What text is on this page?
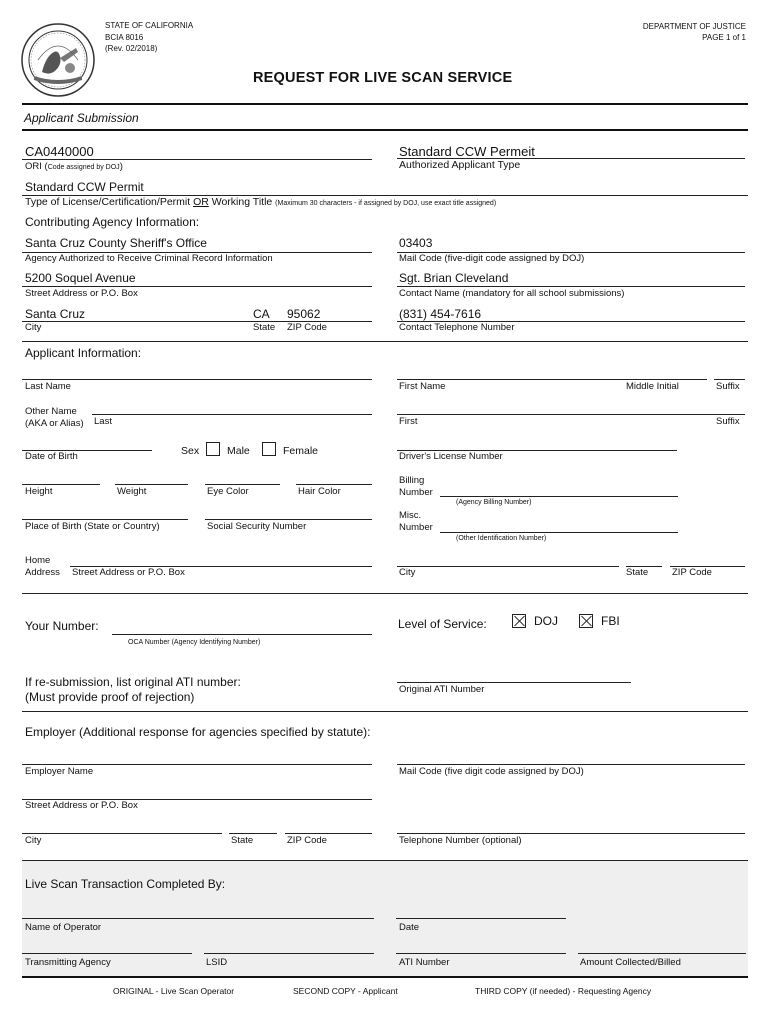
STATE OF CALIFORNIA
BCIA 8016
(Rev. 02/2018)
DEPARTMENT OF JUSTICE
PAGE 1 of 1
REQUEST FOR LIVE SCAN SERVICE
Applicant Submission
CA0440000
ORI (Code assigned by DOJ)
Standard CCW Permeit
Authorized Applicant Type
Standard CCW Permit
Type of License/Certification/Permit OR Working Title (Maximum 30 characters - if assigned by DOJ, use exact title assigned)
Contributing Agency Information:
Santa Cruz County Sheriff's Office
Agency Authorized to Receive Criminal Record Information
03403
Mail Code (five-digit code assigned by DOJ)
5200 Soquel Avenue
Street Address or P.O. Box
Sgt. Brian Cleveland
Contact Name (mandatory for all school submissions)
Santa Cruz	CA 95062
City	State ZIP Code
(831) 454-7616
Contact Telephone Number
Applicant Information:
Last Name	First Name	Middle Initial	Suffix
Other Name
(AKA or Alias) Last	First	Suffix
Date of Birth	Sex	Male	Female	Driver's License Number
Height	Weight	Eye Color	Hair Color
Billing
Number
(Agency Billing Number)
Place of Birth (State or Country)	Social Security Number
Misc.
Number
(Other Identification Number)
Home
Address Street Address or P.O. Box	City	State	ZIP Code
Your Number:
OCA Number (Agency Identifying Number)
Level of Service:	DOJ	FBI
If re-submission, list original ATI number:
(Must provide proof of rejection)
Original ATI Number
Employer (Additional response for agencies specified by statute):
Employer Name	Mail Code (five digit code assigned by DOJ)
Street Address or P.O. Box
City	State	ZIP Code	Telephone Number (optional)
Live Scan Transaction Completed By:
Name of Operator	Date
Transmitting Agency	LSID	ATI Number	Amount Collected/Billed
ORIGINAL - Live Scan Operator	SECOND COPY - Applicant	THIRD COPY (if needed) - Requesting Agency
